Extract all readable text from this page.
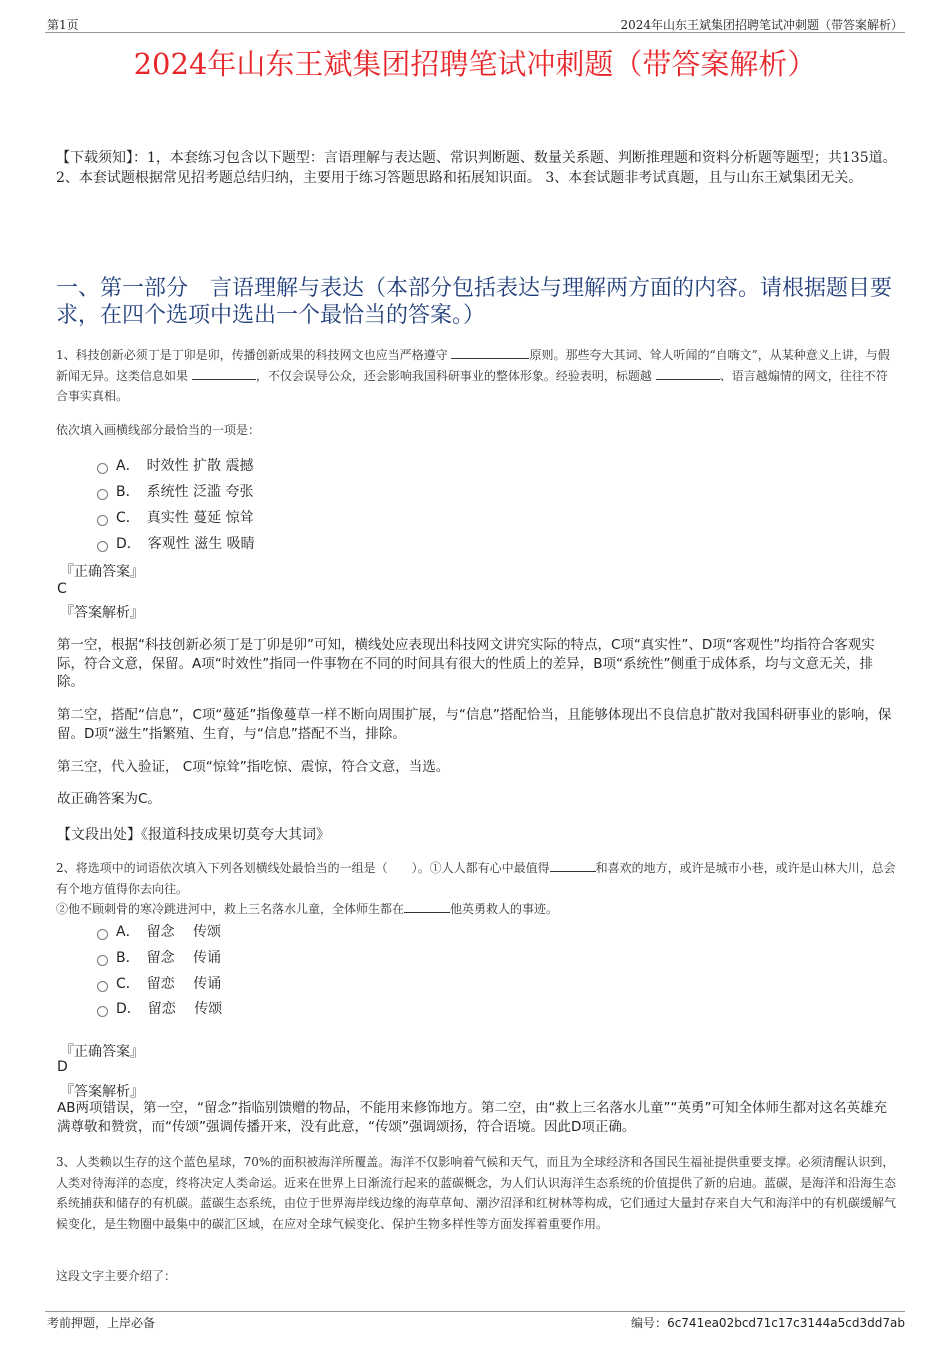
第1页	2024年山东王斌集团招聘笔试冲刺题（带答案解析）
2024年山东王斌集团招聘笔试冲刺题（带答案解析）
【下载须知】：1，本套练习包含以下题型：言语理解与表达题、常识判断题、数量关系题、判断推理题和资料分析题等题型；共135道。 2、本套试题根据常见招考题总结归纳，主要用于练习答题思路和拓展知识面。 3、本套试题非考试真题，且与山东王斌集团无关。
一、第一部分　言语理解与表达（本部分包括表达与理解两方面的内容。请根据题目要求，在四个选项中选出一个最恰当的答案。）
1、科技创新必须丁是丁卯是卯，传播创新成果的科技网文也应当严格遵守	原则。那些夸大其词、耸人听闻的“自嗨文”，从某种意义上讲，与假新闻无异。这类信息如果	，不仅会误导公众，还会影响我国科研事业的整体形象。经验表明，标题越	、语言越煽情的网文，往往不符合事实真相。
依次填入画横线部分最恰当的一项是：
A．　时效性 扩散 震撼
B．　系统性 泛滥 夸张
C．　真实性 蔓延 惊耸
D．　客观性 滋生 吸睛
『正确答案』
C
『答案解析』
第一空，根据“科技创新必须丁是丁卯是卯”可知，横线处应表现出科技网文讲究实际的特点，C项“真实性”、D项“客观性”均指符合客观实际，符合文意，保留。A项“时效性”指同一件事物在不同的时间具有很大的性质上的差异，B项“系统性”侧重于成体系，均与文意无关，排除。
第二空，搭配“信息”，C项“蔓延”指像蔓草一样不断向周围扩展，与“信息”搭配恰当，且能够体现出不良信息扩散对我国科研事业的影响，保留。D项“滋生”指繁殖、生育，与“信息”搭配不当，排除。
第三空，代入验证， C项“惊耸”指吃惊、震惊，符合文意，当选。
故正确答案为C。
【文段出处】《报道科技成果切莫夸大其词》
2、将选项中的词语依次填入下列各划横线处最恰当的一组是（　　）。①人人都有心中最值得	和喜欢的地方，或许是城市小巷，或许是山林大川，总会有个地方值得你去向往。
②他不顾刺骨的寒冷跳进河中，救上三名落水儿童，全体师生都在	他英勇救人的事迹。
A．　留念　 传颂
B．　留念　 传诵
C．　留恋　 传诵
D．　留恋　 传颂
『正确答案』
D
『答案解析』
AB两项错误，第一空，“留念”指临别馈赠的物品，不能用来修饰地方。第二空，由“救上三名落水儿童”“英勇”可知全体师生都对这名英雄充满尊敬和赞赏，而“传颂”强调传播开来，没有此意，“传颂”强调颂扬，符合语境。因此D项正确。
3、人类赖以生存的这个蓝色星球，70%的面积被海洋所覆盖。海洋不仅影响着气候和天气，而且为全球经济和各国民生福祉提供重要支撑。必须清醒认识到，人类对待海洋的态度，终将决定人类命运。近来在世界上日渐流行起来的蓝碳概念，为人们认识海洋生态系统的价值提供了新的启迪。蓝碳，是海洋和沿海生态系统捕获和储存的有机碳。蓝碳生态系统，由位于世界海岸线边缘的海草草甸、潮汐沼泽和红树林等构成，它们通过大量封存来自大气和海洋中的有机碳缓解气候变化，是生物圈中最集中的碳汇区域，在应对全球气候变化、保护生物多样性等方面发挥着重要作用。
这段文字主要介绍了：
考前押题，上岸必备	编号：6c741ea02bcd71c17c3144a5cd3dd7ab
